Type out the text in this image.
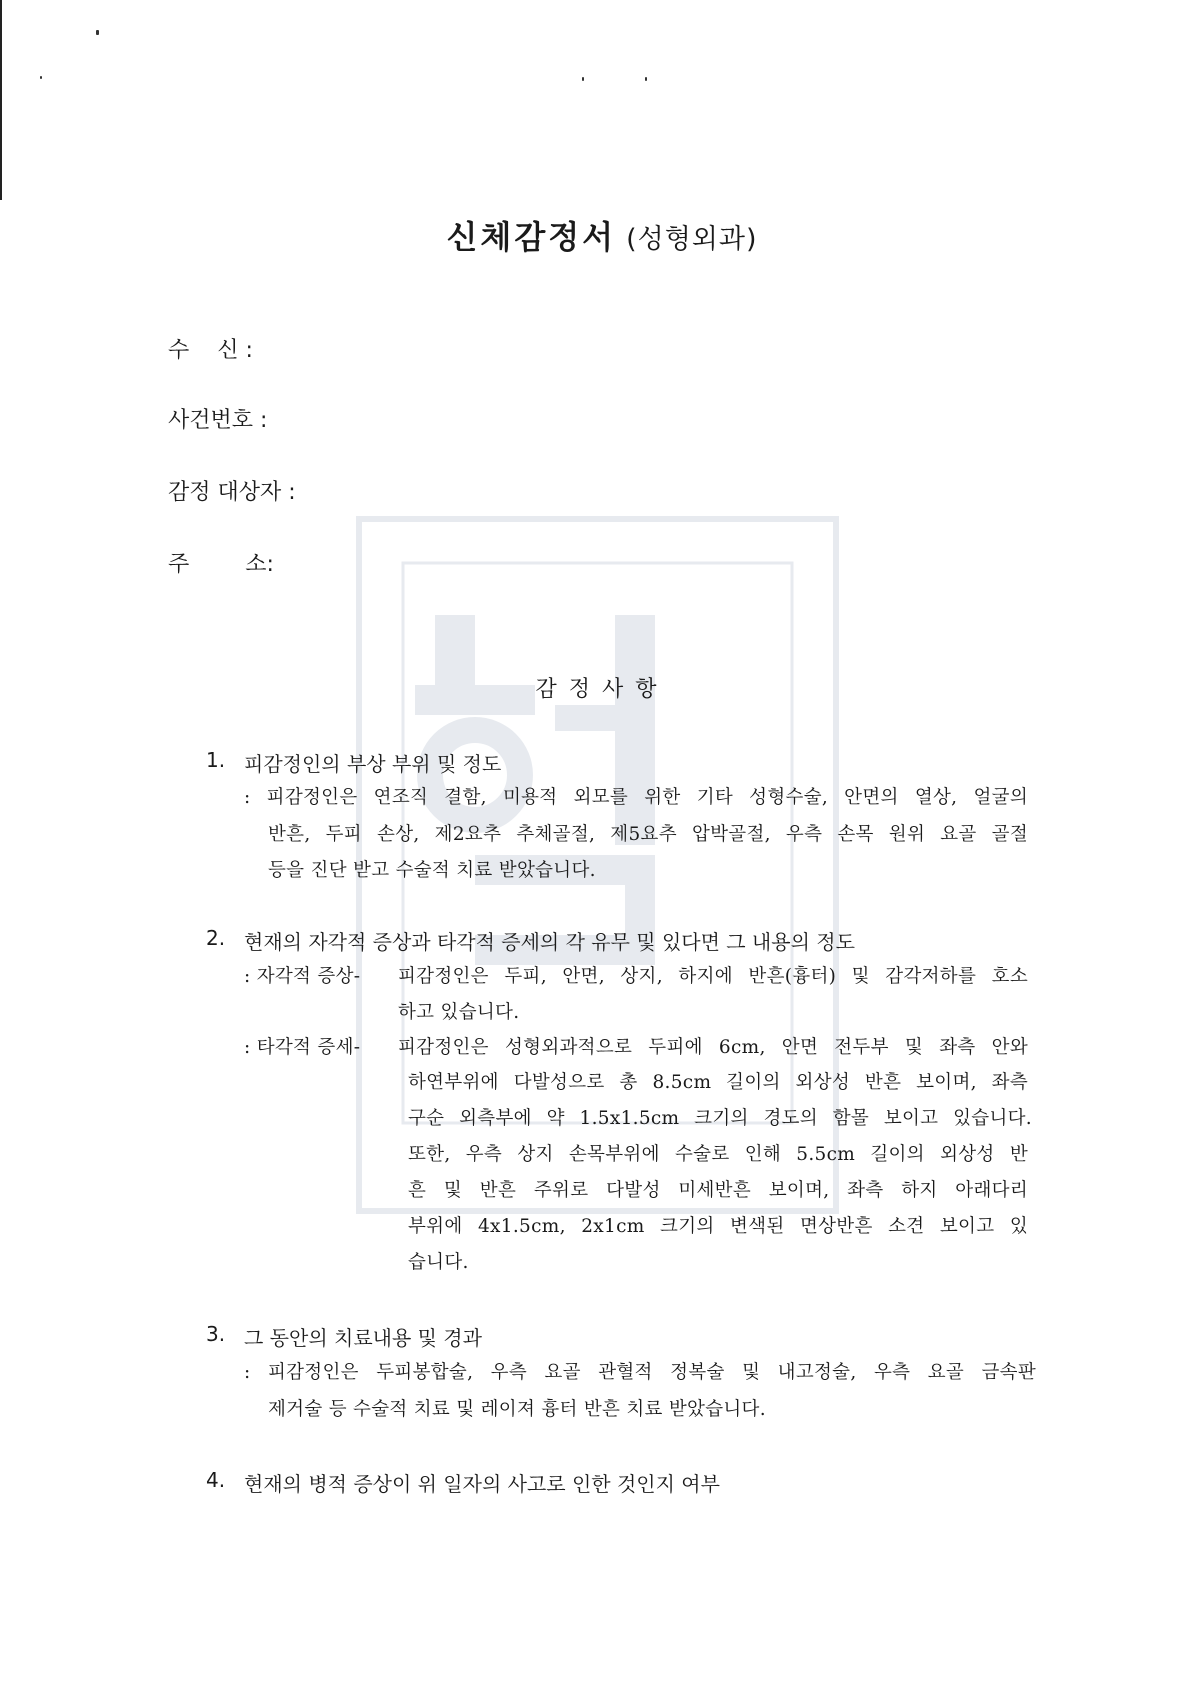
신체감정서 (성형외과)
수    신 :
사건번호 :
감정 대상자 :
주        소:
감정사항
1. 피감정인의 부상 부위 및 정도
: 피감정인은 연조직 결함, 미용적 외모를 위한 기타 성형수술, 안면의 열상, 얼굴의
반흔, 두피 손상, 제2요추 추체골절, 제5요추 압박골절, 우측 손목 원위 요골 골절
등을 진단 받고 수술적 치료 받았습니다.
2. 현재의 자각적 증상과 타각적 증세의 각 유무 및 있다면 그 내용의 정도
: 자각적 증상- 피감정인은 두피, 안면, 상지, 하지에 반흔(흉터) 및 감각저하를 호소
하고 있습니다.
: 타각적 증세- 피감정인은 성형외과적으로 두피에 6cm, 안면 전두부 및 좌측 안와
하연부위에 다발성으로 총 8.5cm 길이의 외상성 반흔 보이며, 좌측
구순 외측부에 약 1.5x1.5cm 크기의 경도의 함몰 보이고 있습니다.
또한, 우측 상지 손목부위에 수술로 인해 5.5cm 길이의 외상성 반
흔 및 반흔 주위로 다발성 미세반흔 보이며, 좌측 하지 아래다리
부위에 4x1.5cm, 2x1cm 크기의 변색된 면상반흔 소견 보이고 있
습니다.
3. 그 동안의 치료내용 및 경과
: 피감정인은 두피봉합술, 우측 요골 관혈적 정복술 및 내고정술, 우측 요골 금속판
제거술 등 수술적 치료 및 레이져 흉터 반흔 치료 받았습니다.
4. 현재의 병적 증상이 위 일자의 사고로 인한 것인지 여부
